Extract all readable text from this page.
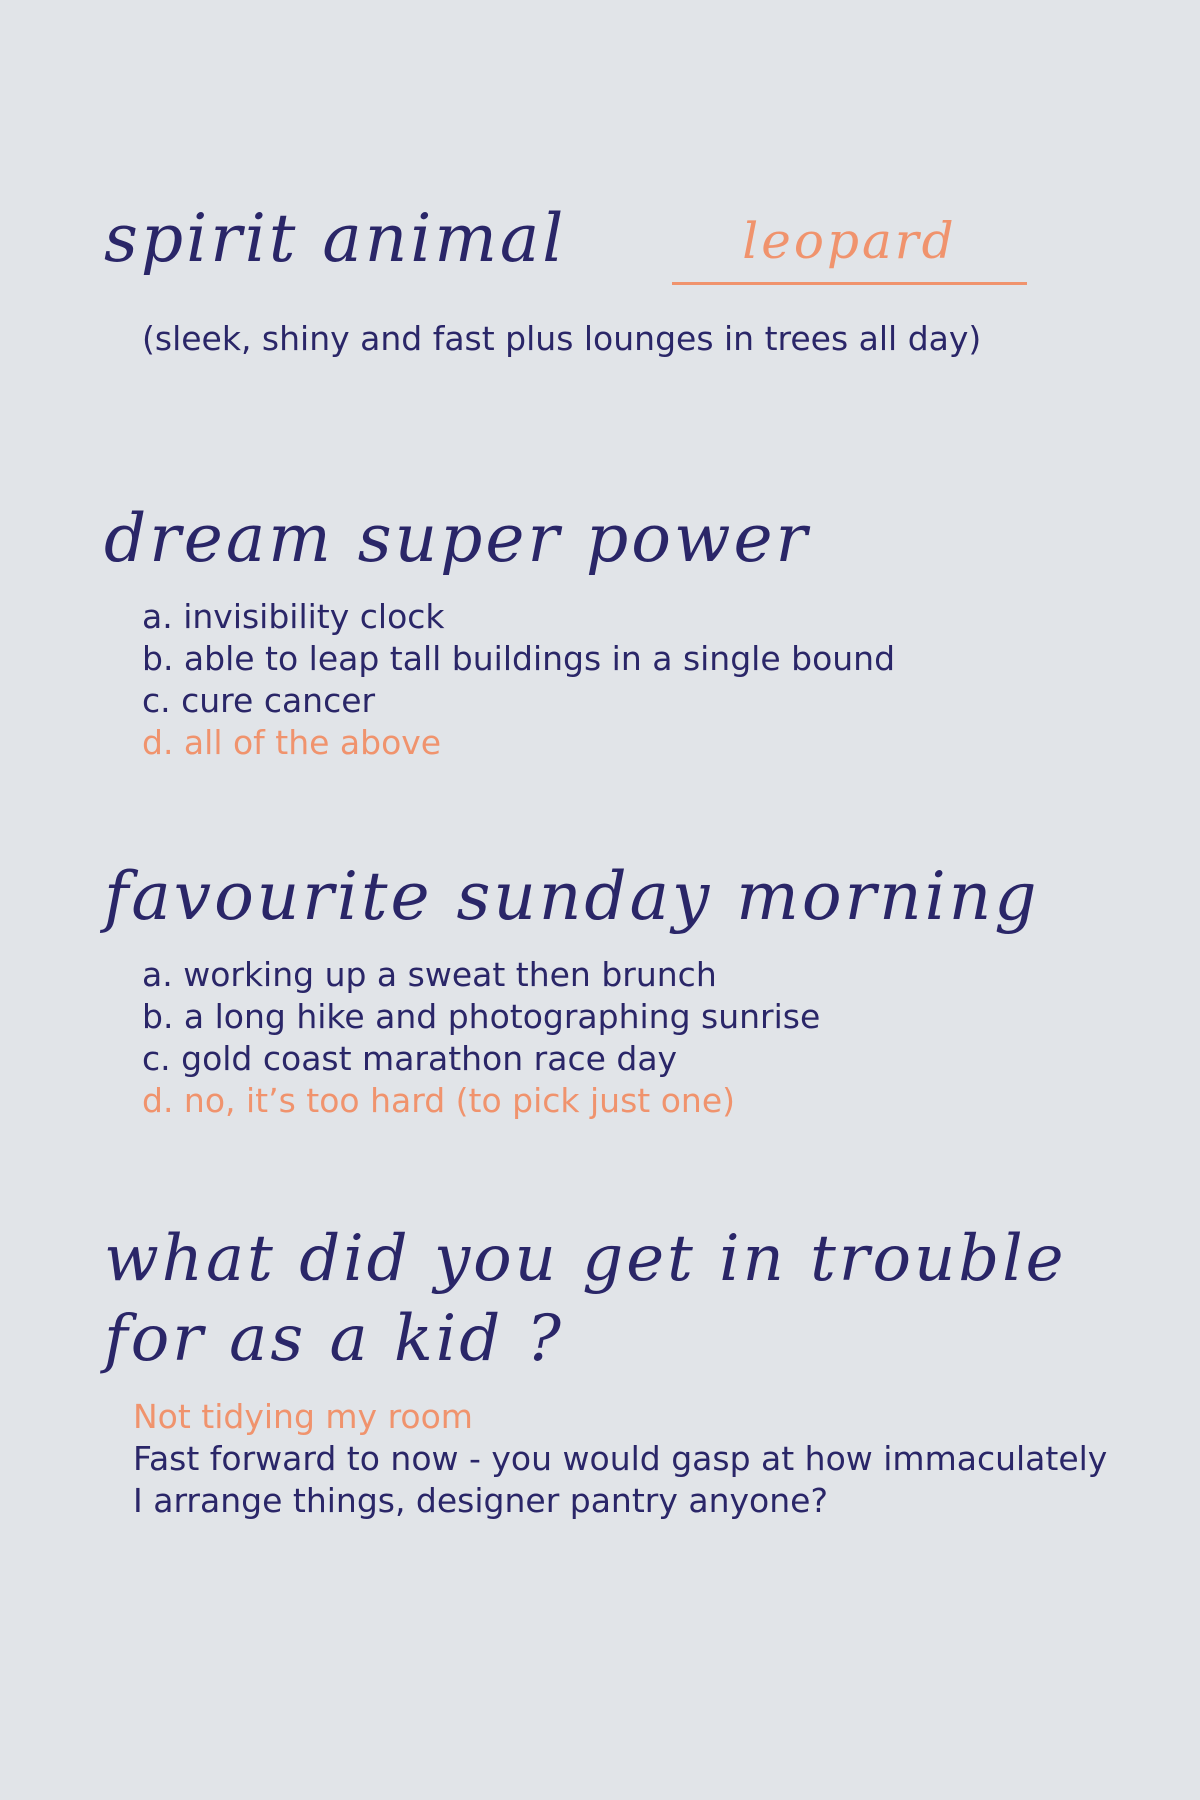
spirit animal	leopard

(sleek, shiny and fast plus lounges in trees all day)

dream super power
a. invisibility clock
b. able to leap tall buildings in a single bound
c. cure cancer
d. all of the above
favourite sunday morning
a. working up a sweat then brunch
b. a long hike and photographing sunrise
c. gold coast marathon race day
d. no, it’s too hard (to pick just one)
what did you get in trouble
for as a kid ?
Not tidying my room
Fast forward to now - you would gasp at how immaculately
I arrange things, designer pantry anyone?
